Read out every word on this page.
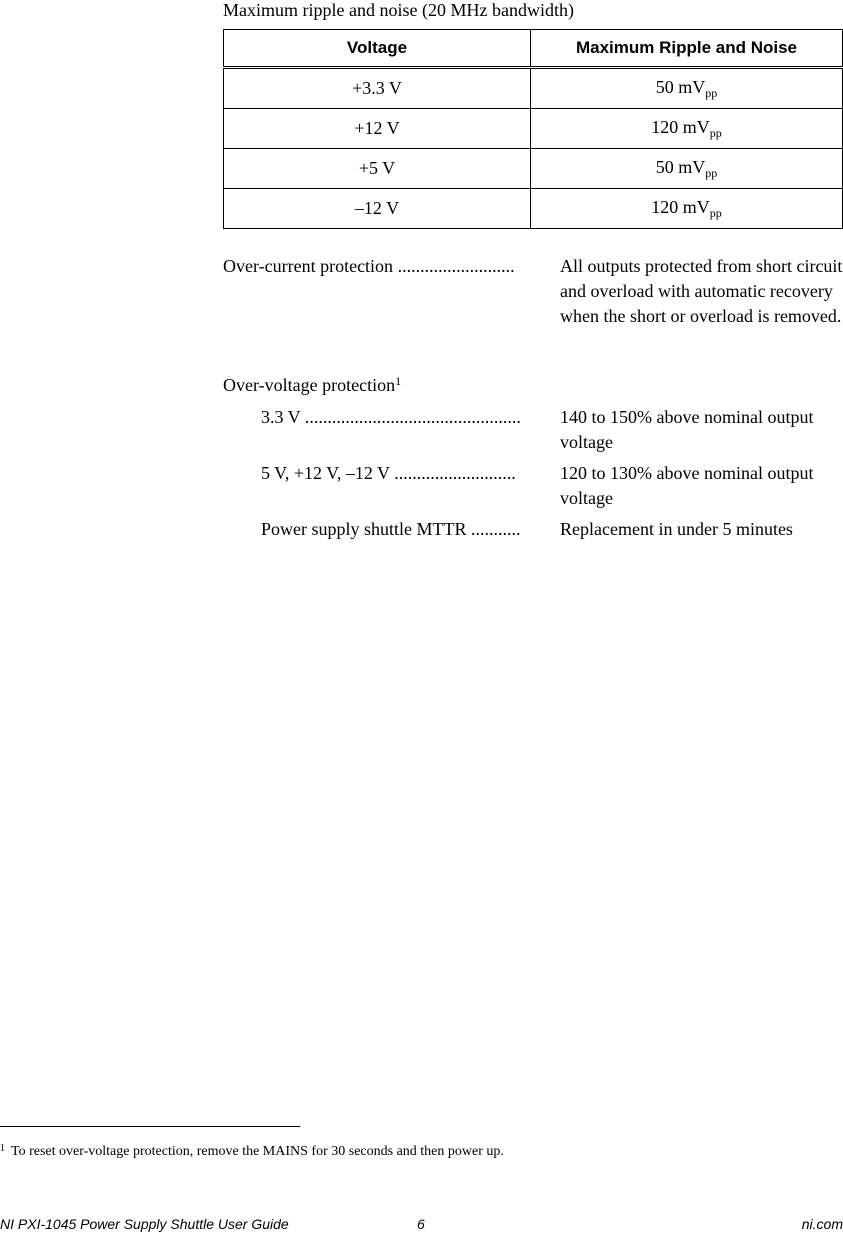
Maximum ripple and noise (20 MHz bandwidth)
Voltage	Maximum Ripple and Noise
+3.3 V	50 $mV_{pp}$
+12 V	120 $mV_{pp}$
+5 V	50 $mV_{pp}$
–12 V	120 $mV_{pp}$
Over-current protection ..........................	All outputs protected from short circuit and overload with automatic recovery when the short or overload is removed.
Over-voltage protection$^1$
3.3 V ................................................	140 to 150% above nominal output voltage
5 V, +12 V, –12 V ...........................	120 to 130% above nominal output voltage
Power supply shuttle MTTR ...........	Replacement in under 5 minutes
$^1$ To reset over-voltage protection, remove the MAINS for 30 seconds and then power up.
NI PXI-1045 Power Supply Shuttle User Guide	6	ni.com
